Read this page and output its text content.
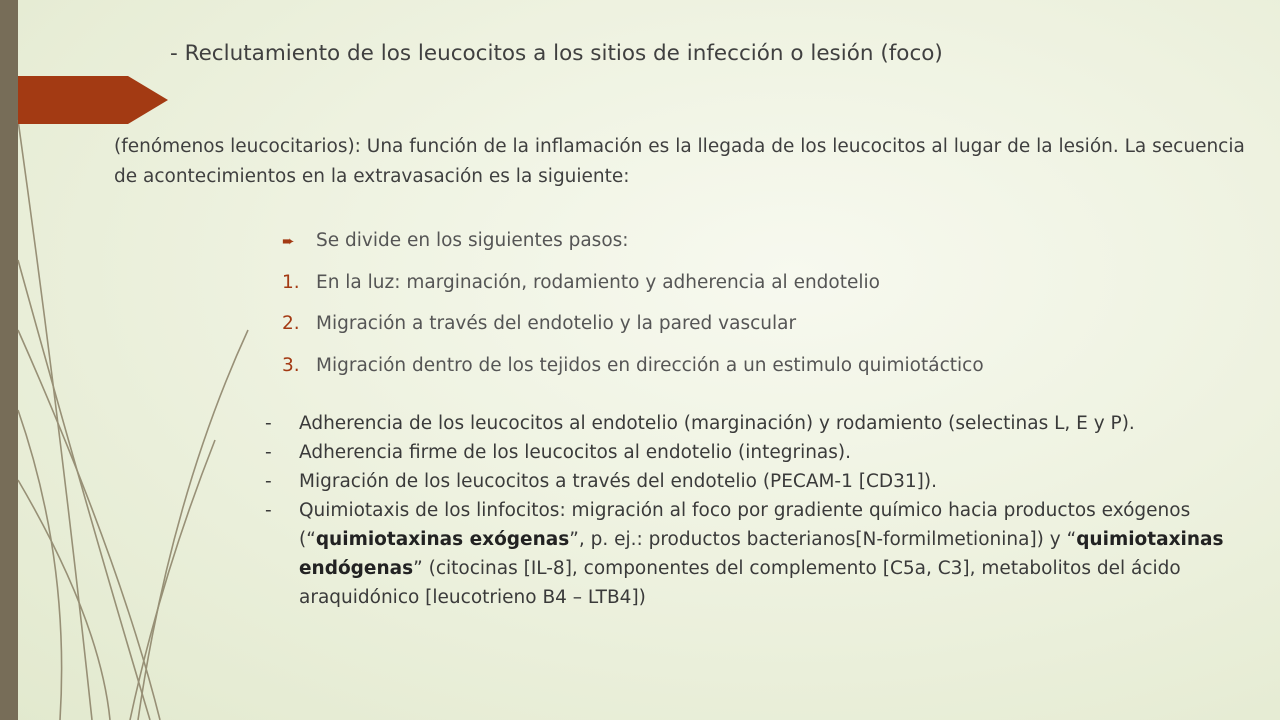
- Reclutamiento de los leucocitos a los sitios de infección o lesión (foco)

(fenómenos leucocitarios): Una función de la inflamación es la llegada de los leucocitos al lugar de la lesión. La secuencia de acontecimientos en la extravasación es la siguiente:

➨	Se divide en los siguientes pasos:
1. En la luz: marginación, rodamiento y adherencia al endotelio
2. Migración a través del endotelio y la pared vascular
3. Migración dentro de los tejidos en dirección a un estimulo quimiotáctico
-	Adherencia de los leucocitos al endotelio (marginación) y rodamiento (selectinas L, E y P).
-	Adherencia firme de los leucocitos al endotelio (integrinas).
-	Migración de los leucocitos a través del endotelio (PECAM-1 [CD31]).
-	Quimiotaxis de los linfocitos: migración al foco por gradiente químico hacia productos exógenos (“quimiotaxinas exógenas”, p. ej.: productos bacterianos[N-formilmetionina]) y “quimiotaxinas endógenas” (citocinas [IL-8], componentes del complemento [C5a, C3], metabolitos del ácido araquidónico [leucotrieno B4 – LTB4])
